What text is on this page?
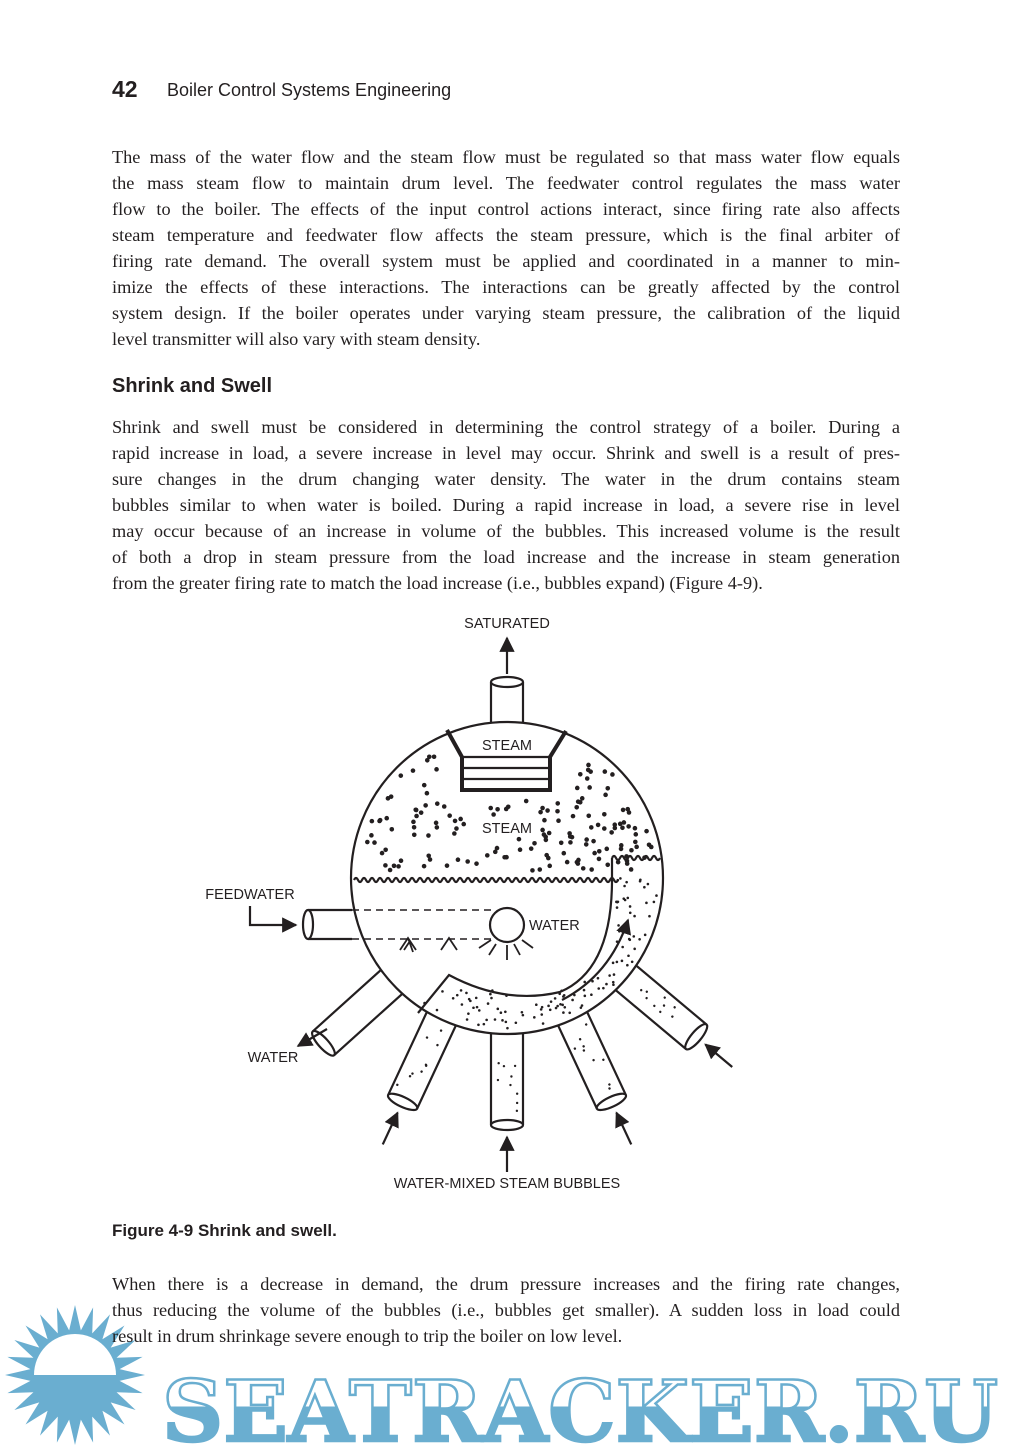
42 Boiler Control Systems Engineering
The mass of the water flow and the steam flow must be regulated so that mass water flow equals
the mass steam flow to maintain drum level. The feedwater control regulates the mass water
flow to the boiler. The effects of the input control actions interact, since firing rate also affects
steam temperature and feedwater flow affects the steam pressure, which is the final arbiter of
firing rate demand. The overall system must be applied and coordinated in a manner to min-
imize the effects of these interactions. The interactions can be greatly affected by the control
system design. If the boiler operates under varying steam pressure, the calibration of the liquid
level transmitter will also vary with steam density.
Shrink and Swell
Shrink and swell must be considered in determining the control strategy of a boiler. During a
rapid increase in load, a severe increase in level may occur. Shrink and swell is a result of pres-
sure changes in the drum changing water density. The water in the drum contains steam
bubbles similar to when water is boiled. During a rapid increase in load, a severe rise in level
may occur because of an increase in volume of the bubbles. This increased volume is the result
of both a drop in steam pressure from the load increase and the increase in steam generation
from the greater firing rate to match the load increase (i.e., bubbles expand) (Figure 4-9).
SATURATED
STEAM
STEAM
FEEDWATER
WATER
WATER
WATER-MIXED STEAM BUBBLES
SEATRACKER.RU
Figure 4-9 Shrink and swell.
When there is a decrease in demand, the drum pressure increases and the firing rate changes,
thus reducing the volume of the bubbles (i.e., bubbles get smaller). A sudden loss in load could
result in drum shrinkage severe enough to trip the boiler on low level.
